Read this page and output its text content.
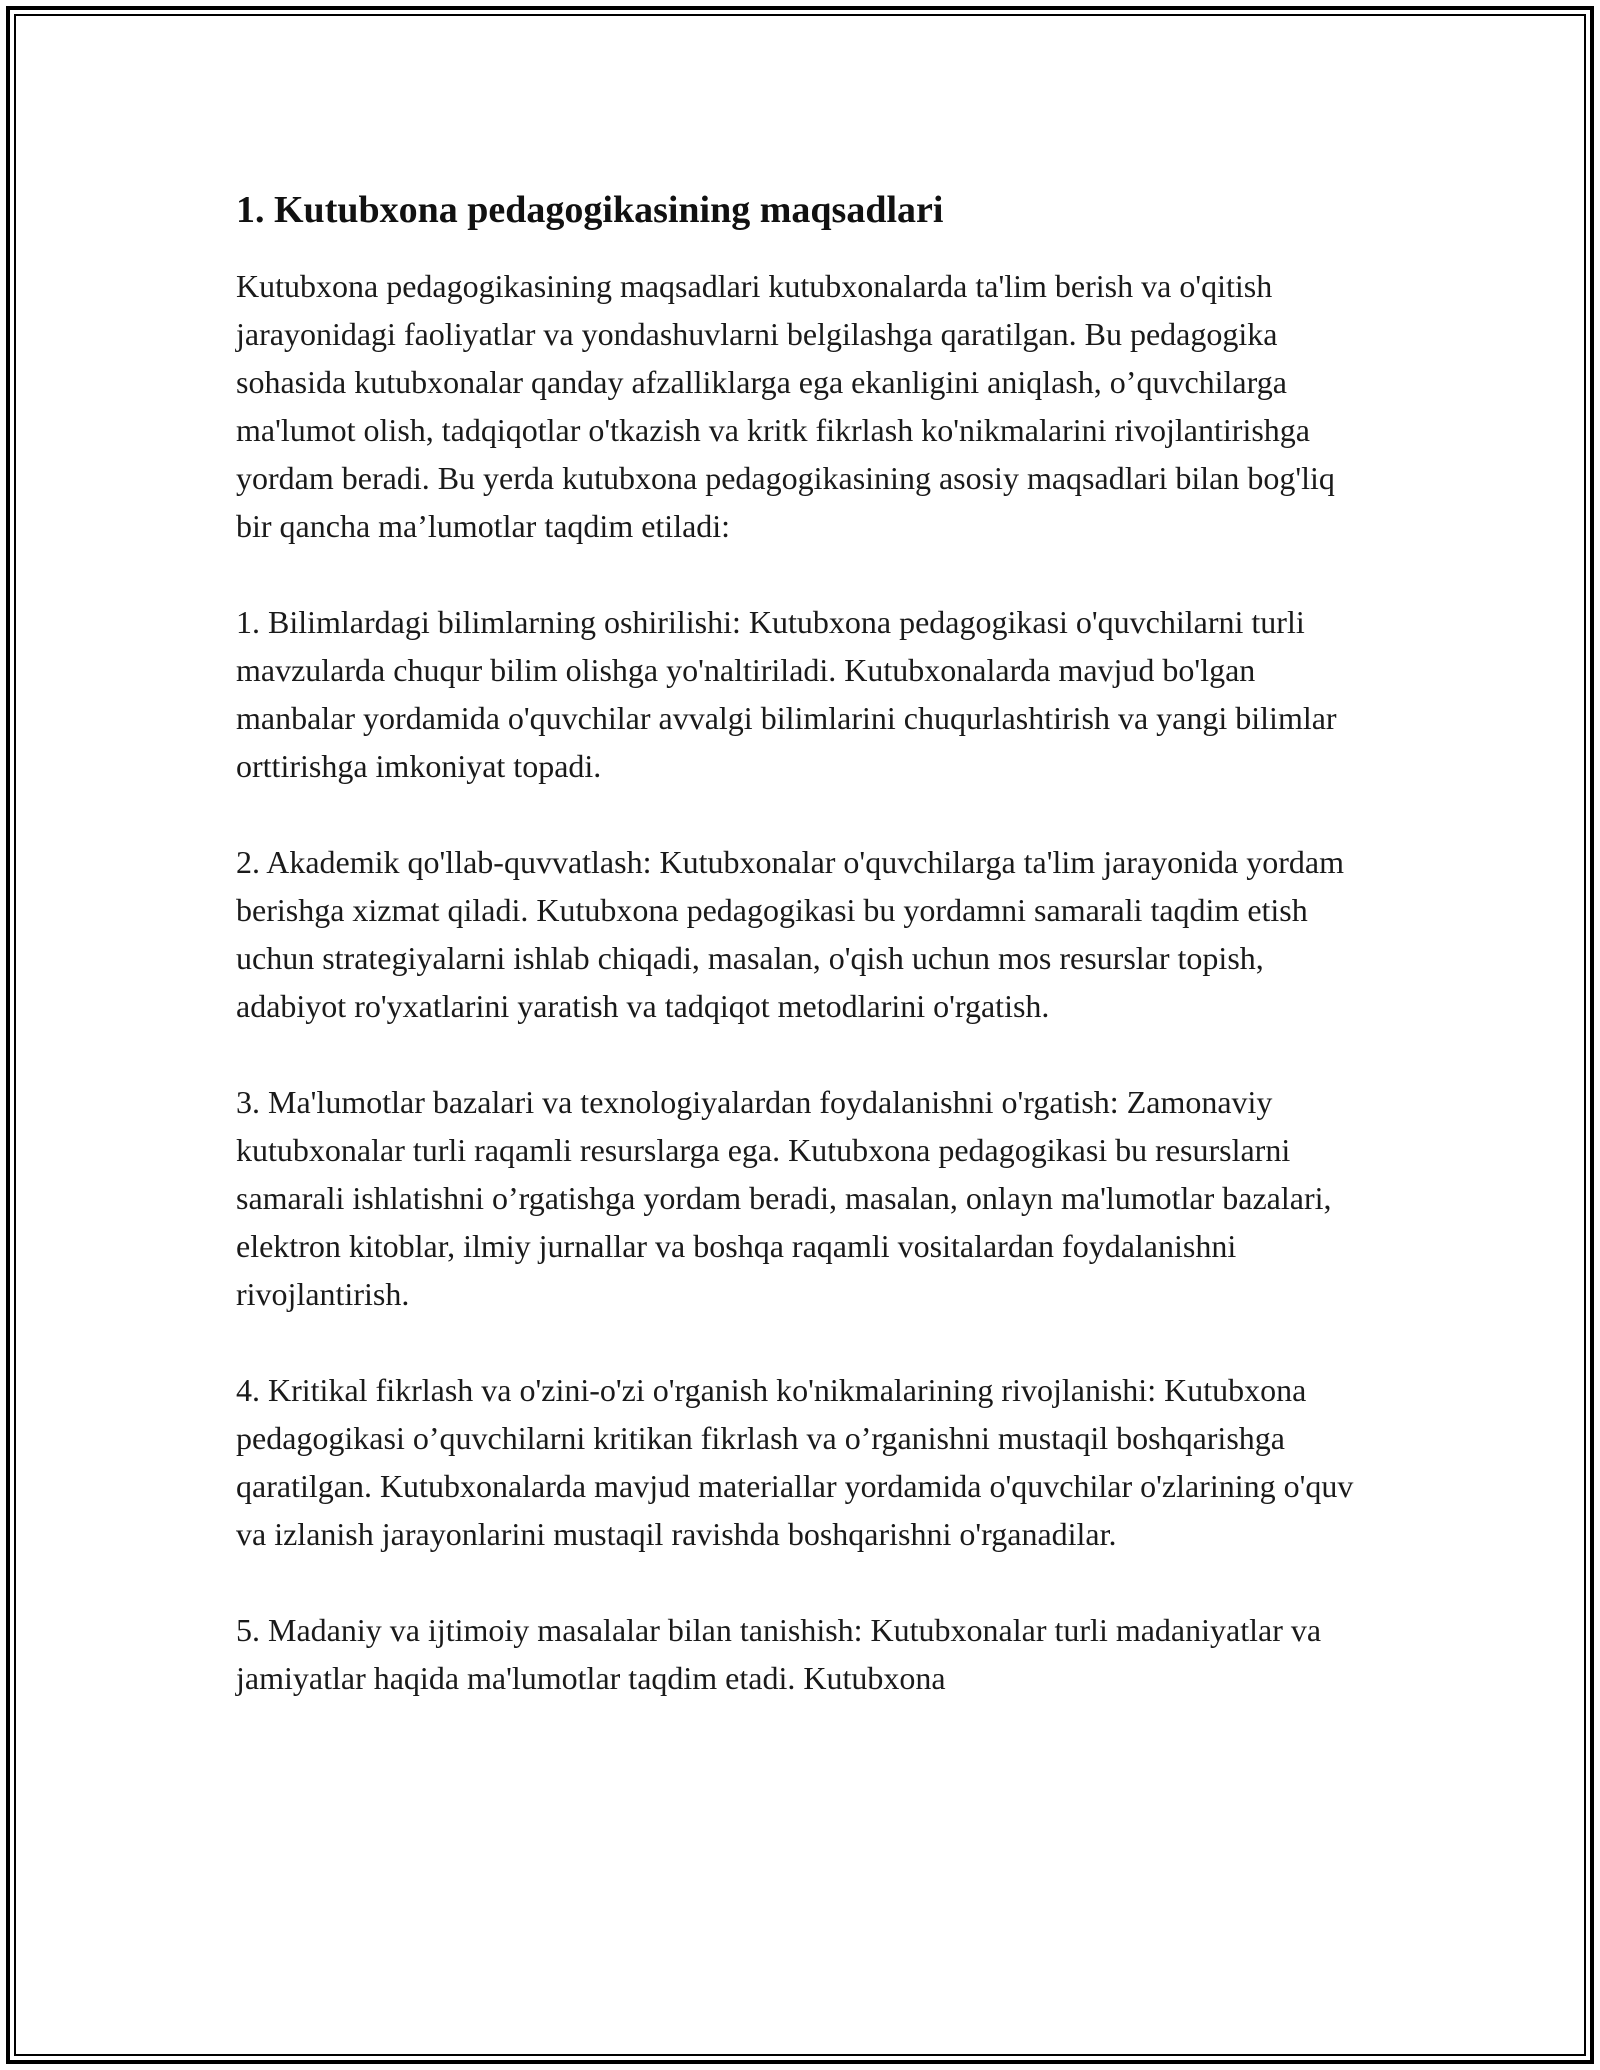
1. Kutubxona pedagogikasining maqsadlari

Kutubxona pedagogikasining maqsadlari kutubxonalarda ta'lim berish va o'qitish jarayonidagi faoliyatlar va yondashuvlarni belgilashga qaratilgan. Bu pedagogika sohasida kutubxonalar qanday afzalliklarga ega ekanligini aniqlash, o’quvchilarga ma'lumot olish, tadqiqotlar o'tkazish va kritk fikrlash ko'nikmalarini rivojlantirishga yordam beradi. Bu yerda kutubxona pedagogikasining asosiy maqsadlari bilan bog'liq bir qancha ma’lumotlar taqdim etiladi:

1. Bilimlardagi bilimlarning oshirilishi: Kutubxona pedagogikasi o'quvchilarni turli mavzularda chuqur bilim olishga yo'naltiriladi. Kutubxonalarda mavjud bo'lgan manbalar yordamida o'quvchilar avvalgi bilimlarini chuqurlashtirish va yangi bilimlar orttirishga imkoniyat topadi.

2. Akademik qo'llab-quvvatlash: Kutubxonalar o'quvchilarga ta'lim jarayonida yordam berishga xizmat qiladi. Kutubxona pedagogikasi bu yordamni samarali taqdim etish uchun strategiyalarni ishlab chiqadi, masalan, o'qish uchun mos resurslar topish, adabiyot ro'yxatlarini yaratish va tadqiqot metodlarini o'rgatish.

3. Ma'lumotlar bazalari va texnologiyalardan foydalanishni o'rgatish: Zamonaviy kutubxonalar turli raqamli resurslarga ega. Kutubxona pedagogikasi bu resurslarni samarali ishlatishni o’rgatishga yordam beradi, masalan, onlayn ma'lumotlar bazalari, elektron kitoblar, ilmiy jurnallar va boshqa raqamli vositalardan foydalanishni rivojlantirish.

4. Kritikal fikrlash va o'zini-o'zi o'rganish ko'nikmalarining rivojlanishi: Kutubxona pedagogikasi o’quvchilarni kritikan fikrlash va o’rganishni mustaqil boshqarishga qaratilgan. Kutubxonalarda mavjud materiallar yordamida o'quvchilar o'zlarining o'quv va izlanish jarayonlarini mustaqil ravishda boshqarishni o'rganadilar.

5. Madaniy va ijtimoiy masalalar bilan tanishish: Kutubxonalar turli madaniyatlar va jamiyatlar haqida ma'lumotlar taqdim etadi. Kutubxona
